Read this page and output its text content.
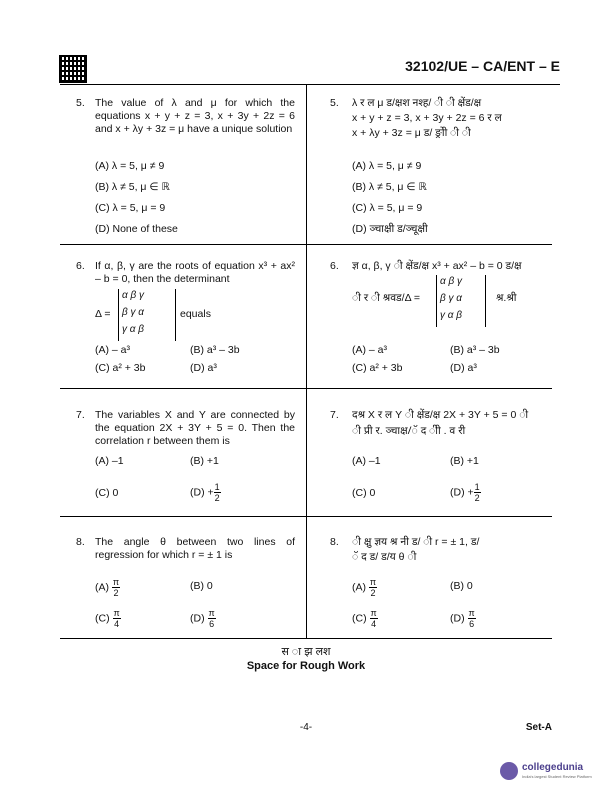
32102/UE – CA/ENT – E
5. The value of λ and μ for which the equations x + y + z = 3, x + 3y + 2z = 6 and x + λy + 3z = μ have a unique solution
(A) λ = 5, μ ≠ 9
(B) λ ≠ 5, μ ∈ ℝ
(C) λ = 5, μ = 9
(D) None of these
6. If α, β, γ are the roots of equation x³ + ax² – b = 0, then the determinant
Δ =
α β γ
β γ α
γ α β
equals
(A) – a³	(B) a³ – 3b
(C) a² + 3b	(D) a³
7. The variables X and Y are connected by the equation 2X + 3Y + 5 = 0. Then the correlation r between them is
(A) –1	(B) +1
(C) 0	$(D) + \frac{1}{2}$
8. The angle θ between two lines of regression for which r = ± 1 is
$(A) \frac{\pi}{2}$	(B) 0
$(C) \frac{\pi}{4}$	$(D) \frac{\pi}{6}$
5. λ र ल μ ड/क्षश नश्ह/ ी ी क्षेंड/क्ष
x + y + z = 3, x + 3y + 2z = 6 र ल
x + λy + 3z = μ ड/ ङ्रोी ी ी
(A) λ = 5, μ ≠ 9
(B) λ ≠ 5, μ ∈ ℝ
(C) λ = 5, μ = 9
(D) ञ्चाक्षी ड/ञ्चूक्षी
6. ज्ञ α, β, γ ी क्षेंड/क्ष x³ + ax² – b = 0 ड/क्ष
ी र ी श्रवड/Δ =
α β γ
β γ α
γ α β
श्र.श्री
(A) – a³	(B) a³ – 3b
(C) a² + 3b	(D) a³
7. दश्र X र ल Y ी क्षेंड/क्ष 2X + 3Y + 5 = 0 ी
ी प्री र. ञ्चाक्ष/ॅ द ीी . व री
(A) –1	(B) +1
(C) 0	$(D) + \frac{1}{2}$
8. ी क्षु ज्ञय श्र नी ड/ ी r = ± 1, ड/
ॅ द ड/ ड/य θ ी
$(A) \frac{\pi}{2}$	(B) 0
$(C) \frac{\pi}{4}$	$(D) \frac{\pi}{6}$
स ा झ लश
Space for Rough Work
-4-	Set-A
collegedunia
India's largest Student Review Platform
